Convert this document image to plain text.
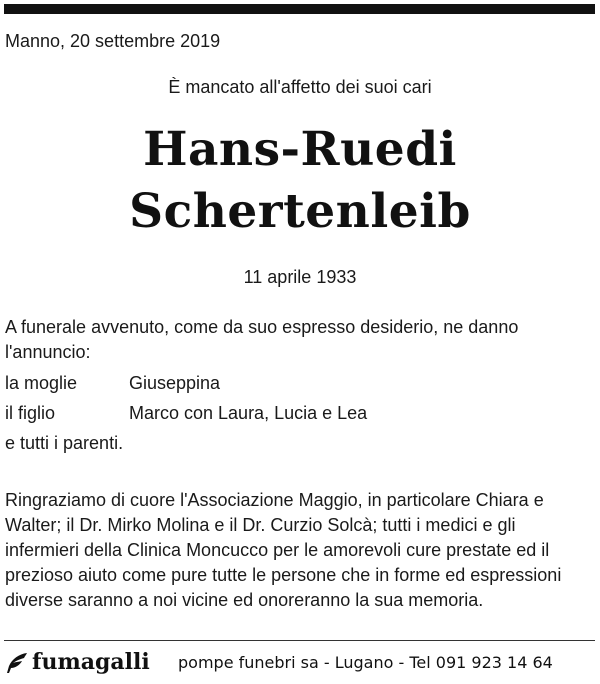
Manno, 20 settembre 2019
È mancato all'affetto dei suoi cari
Hans-Ruedi
Schertenleib
11 aprile 1933
A funerale avvenuto, come da suo espresso desiderio, ne danno l'annuncio:
la moglie	Giuseppina
il figlio	Marco con Laura, Lucia e Lea
e tutti i parenti.
Ringraziamo di cuore l'Associazione Maggio, in particolare Chiara e Walter; il Dr. Mirko Molina e il Dr. Curzio Solcà; tutti i medici e gli infermieri della Clinica Moncucco per le amorevoli cure prestate ed il prezioso aiuto come pure tutte le persone che in forme ed espressioni diverse saranno a noi vicine ed onoreranno la sua memoria.
fumagalli pompe funebri sa - Lugano - Tel 091 923 14 64
